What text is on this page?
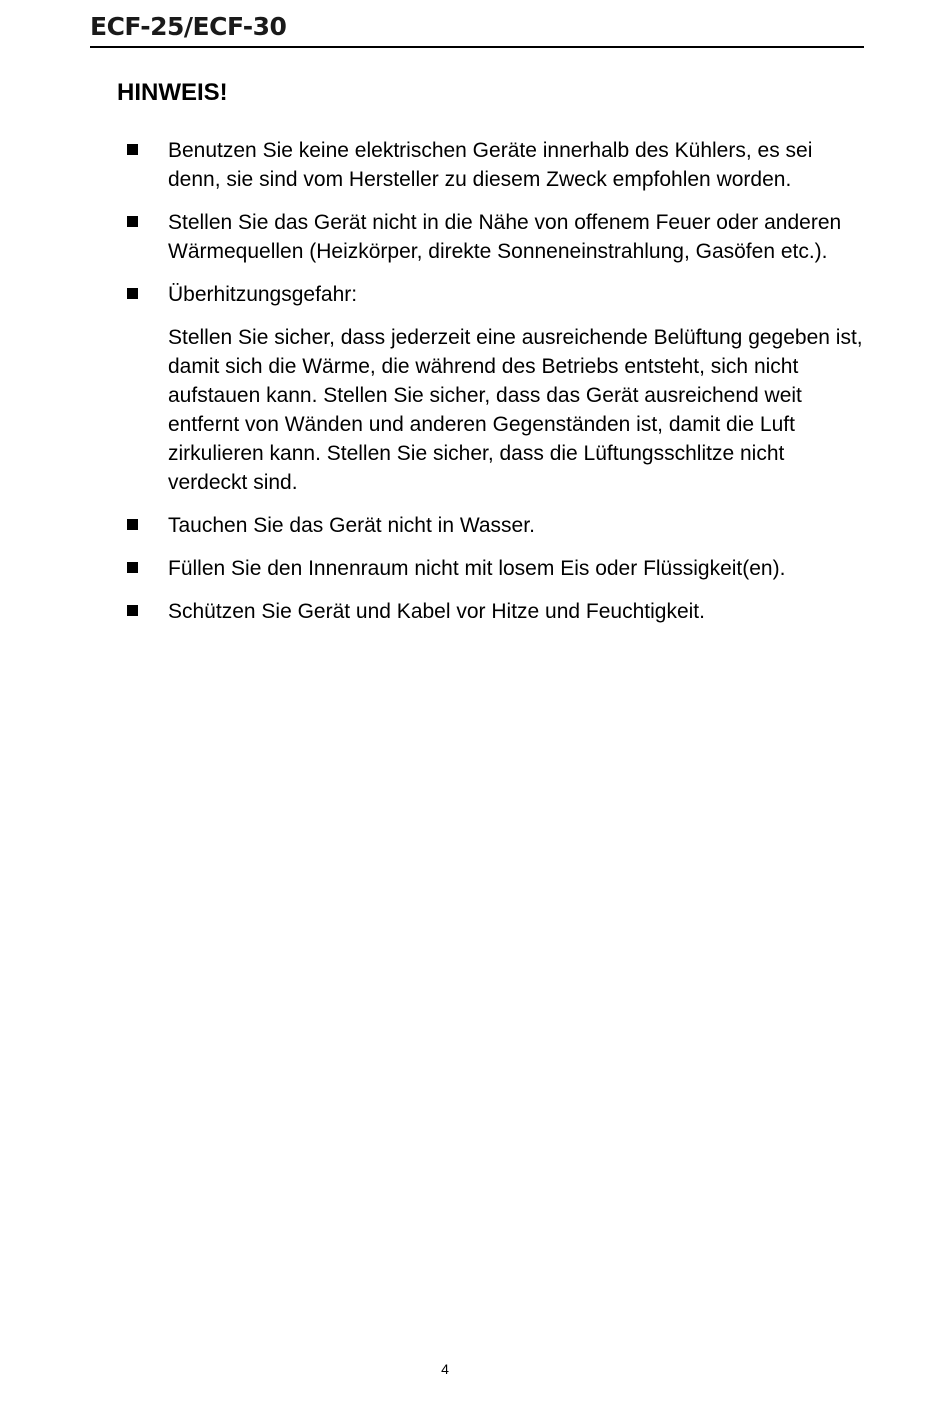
ECF-25/ECF-30
HINWEIS!
Benutzen Sie keine elektrischen Geräte innerhalb des Kühlers, es sei denn, sie sind vom Hersteller zu diesem Zweck empfohlen worden.
Stellen Sie das Gerät nicht in die Nähe von offenem Feuer oder anderen Wärmequellen (Heizkörper, direkte Sonneneinstrahlung, Gasöfen etc.).
Überhitzungsgefahr:
Stellen Sie sicher, dass jederzeit eine ausreichende Belüftung gegeben ist, damit sich die Wärme, die während des Betriebs entsteht, sich nicht aufstauen kann. Stellen Sie sicher, dass das Gerät ausreichend weit entfernt von Wänden und anderen Gegenständen ist, damit die Luft zirkulieren kann. Stellen Sie sicher, dass die Lüftungsschlitze nicht verdeckt sind.
Tauchen Sie das Gerät nicht in Wasser.
Füllen Sie den Innenraum nicht mit losem Eis oder Flüssigkeit(en).
Schützen Sie Gerät und Kabel vor Hitze und Feuchtigkeit.
4
